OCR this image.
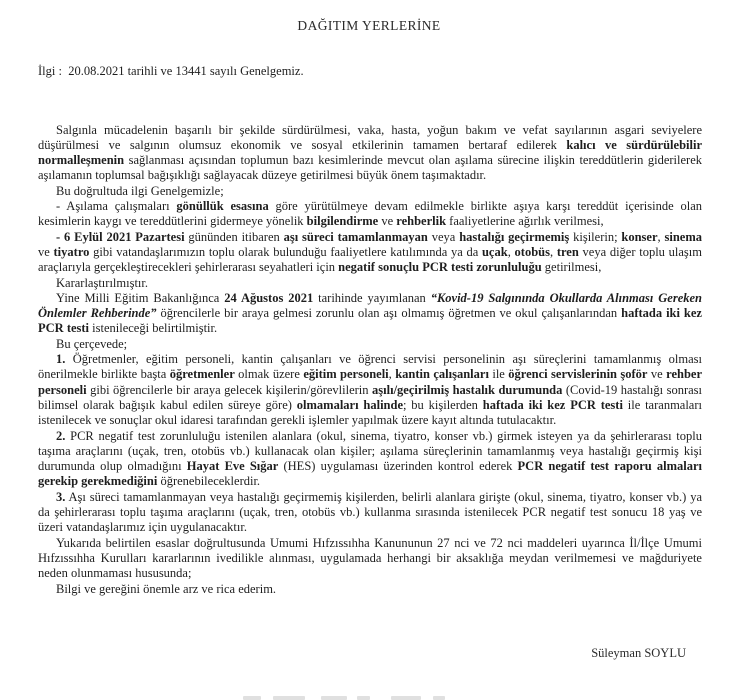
DAĞITIM YERLERİNE
İlgi :  20.08.2021 tarihli ve 13441 sayılı Genelgemiz.

Salgınla mücadelenin başarılı bir şekilde sürdürülmesi, vaka, hasta, yoğun bakım ve vefat sayılarının asgari seviyelere düşürülmesi ve salgının olumsuz ekonomik ve sosyal etkilerinin tamamen bertaraf edilerek kalıcı ve sürdürülebilir normalleşmenin sağlanması açısından toplumun bazı kesimlerinde mevcut olan aşılama sürecine ilişkin tereddütlerin giderilerek aşılamanın toplumsal bağışıklığı sağlayacak düzeye getirilmesi büyük önem taşımaktadır.

Bu doğrultuda ilgi Genelgemizle;

- Aşılama çalışmaları gönüllük esasına göre yürütülmeye devam edilmekle birlikte aşıya karşı tereddüt içerisinde olan kesimlerin kaygı ve tereddütlerini gidermeye yönelik bilgilendirme ve rehberlik faaliyetlerine ağırlık verilmesi,

- 6 Eylül 2021 Pazartesi gününden itibaren aşı süreci tamamlanmayan veya hastalığı geçirmemiş kişilerin; konser, sinema ve tiyatro gibi vatandaşlarımızın toplu olarak bulunduğu faaliyetlere katılımında ya da uçak, otobüs, tren veya diğer toplu ulaşım araçlarıyla gerçekleştirecekleri şehirlerarası seyahatleri için negatif sonuçlu PCR testi zorunluluğu getirilmesi,

Kararlaştırılmıştır.

Yine Milli Eğitim Bakanlığınca 24 Ağustos 2021 tarihinde yayımlanan “Kovid-19 Salgınında Okullarda Alınması Gereken Önlemler Rehberinde” öğrencilerle bir araya gelmesi zorunlu olan aşı olmamış öğretmen ve okul çalışanlarından haftada iki kez PCR testi istenileceği belirtilmiştir.

Bu çerçevede;

1. Öğretmenler, eğitim personeli, kantin çalışanları ve öğrenci servisi personelinin aşı süreçlerini tamamlanmış olması önerilmekle birlikte başta öğretmenler olmak üzere eğitim personeli, kantin çalışanları ile öğrenci servislerinin şoför ve rehber personeli gibi öğrencilerle bir araya gelecek kişilerin/görevlilerin aşılı/geçirilmiş hastalık durumunda (Covid-19 hastalığı sonrası bilimsel olarak bağışık kabul edilen süreye göre) olmamaları halinde; bu kişilerden haftada iki kez PCR testi ile taranmaları istenilecek ve sonuçlar okul idaresi tarafından gerekli işlemler yapılmak üzere kayıt altında tutulacaktır.

2. PCR negatif test zorunluluğu istenilen alanlara (okul, sinema, tiyatro, konser vb.) girmek isteyen ya da şehirlerarası toplu taşıma araçlarını (uçak, tren, otobüs vb.) kullanacak olan kişiler; aşılama süreçlerinin tamamlanmış veya hastalığı geçirmiş kişi durumunda olup olmadığını Hayat Eve Sığar (HES) uygulaması üzerinden kontrol ederek PCR negatif test raporu almaları gerekip gerekmediğini öğrenebileceklerdir.

3. Aşı süreci tamamlanmayan veya hastalığı geçirmemiş kişilerden, belirli alanlara girişte (okul, sinema, tiyatro, konser vb.) ya da şehirlerarası toplu taşıma araçlarını (uçak, tren, otobüs vb.) kullanma sırasında istenilecek PCR negatif test sonucu 18 yaş ve üzeri vatandaşlarımız için uygulanacaktır.

Yukarıda belirtilen esaslar doğrultusunda Umumi Hıfzıssıhha Kanununun 27 nci ve 72 nci maddeleri uyarınca İl/İlçe Umumi Hıfzıssıhha Kurulları kararlarının ivedilikle alınması, uygulamada herhangi bir aksaklığa meydan verilmemesi ve mağduriyete neden olunmaması hususunda;

Bilgi ve gereğini önemle arz ve rica ederim.

Süleyman SOYLU
